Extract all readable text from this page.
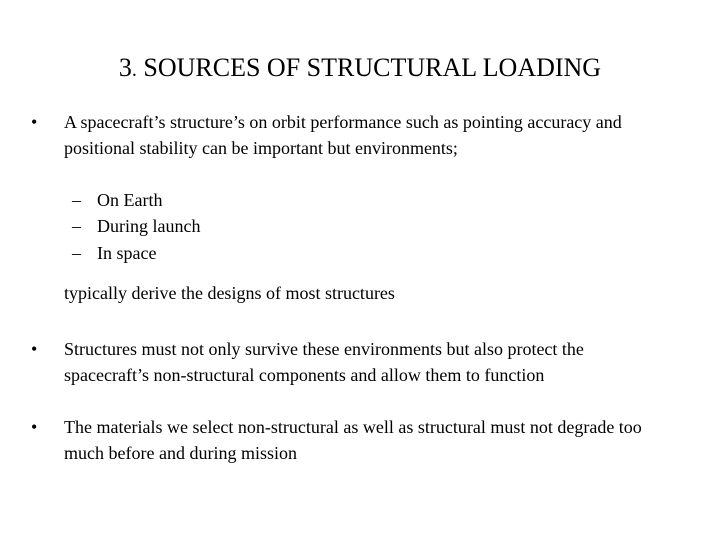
3. SOURCES OF STRUCTURAL LOADING
• A spacecraft’s structure’s on orbit performance such as pointing accuracy and positional stability can be important but environments;
– On Earth
– During launch
– In space
typically derive the designs of most structures
• Structures must not only survive these environments but also protect the spacecraft’s non-structural components and allow them to function
• The materials we select non-structural as well as structural must not degrade too much before and during mission
